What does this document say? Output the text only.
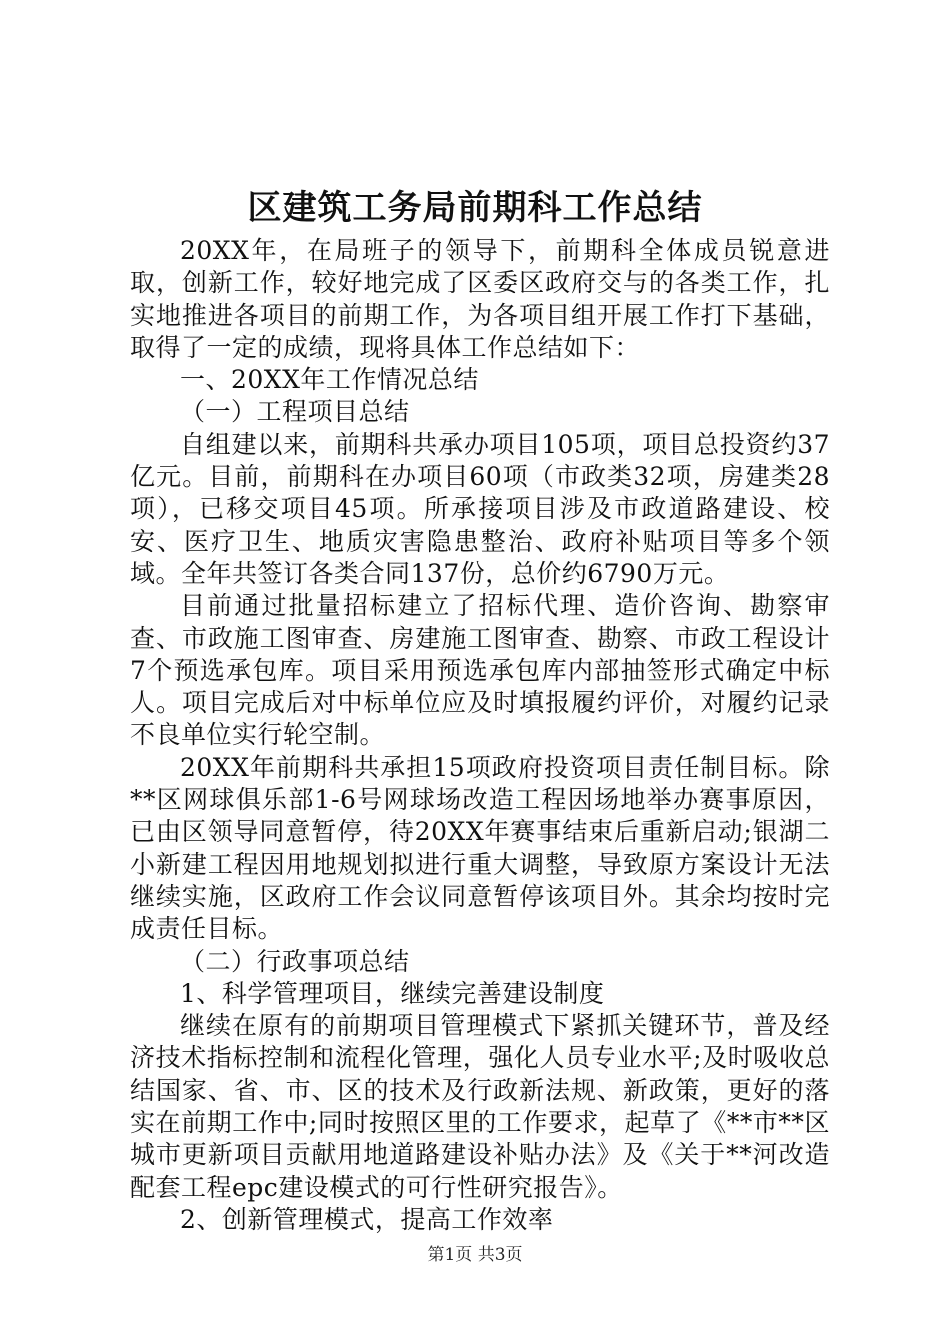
区建筑工务局前期科工作总结

20XX年，在局班子的领导下，前期科全体成员锐意进取，创新工作，较好地完成了区委区政府交与的各类工作，扎实地推进各项目的前期工作，为各项目组开展工作打下基础，取得了一定的成绩，现将具体工作总结如下：

一、20XX年工作情况总结

（一）工程项目总结

自组建以来，前期科共承办项目105项，项目总投资约37亿元。目前，前期科在办项目60项（市政类32项，房建类28项），已移交项目45项。所承接项目涉及市政道路建设、校安、医疗卫生、地质灾害隐患整治、政府补贴项目等多个领域。全年共签订各类合同137份，总价约6790万元。

目前通过批量招标建立了招标代理、造价咨询、勘察审查、市政施工图审查、房建施工图审查、勘察、市政工程设计7个预选承包库。项目采用预选承包库内部抽签形式确定中标人。项目完成后对中标单位应及时填报履约评价，对履约记录不良单位实行轮空制。

20XX年前期科共承担15项政府投资项目责任制目标。除**区网球俱乐部1-6号网球场改造工程因场地举办赛事原因，已由区领导同意暂停，待20XX年赛事结束后重新启动;银湖二小新建工程因用地规划拟进行重大调整，导致原方案设计无法继续实施，区政府工作会议同意暂停该项目外。其余均按时完成责任目标。

（二）行政事项总结

1、科学管理项目，继续完善建设制度

继续在原有的前期项目管理模式下紧抓关键环节，普及经济技术指标控制和流程化管理，强化人员专业水平;及时吸收总结国家、省、市、区的技术及行政新法规、新政策，更好的落实在前期工作中;同时按照区里的工作要求，起草了《**市**区城市更新项目贡献用地道路建设补贴办法》及《关于**河改造配套工程epc建设模式的可行性研究报告》。

2、创新管理模式，提高工作效率

第1页 共3页
